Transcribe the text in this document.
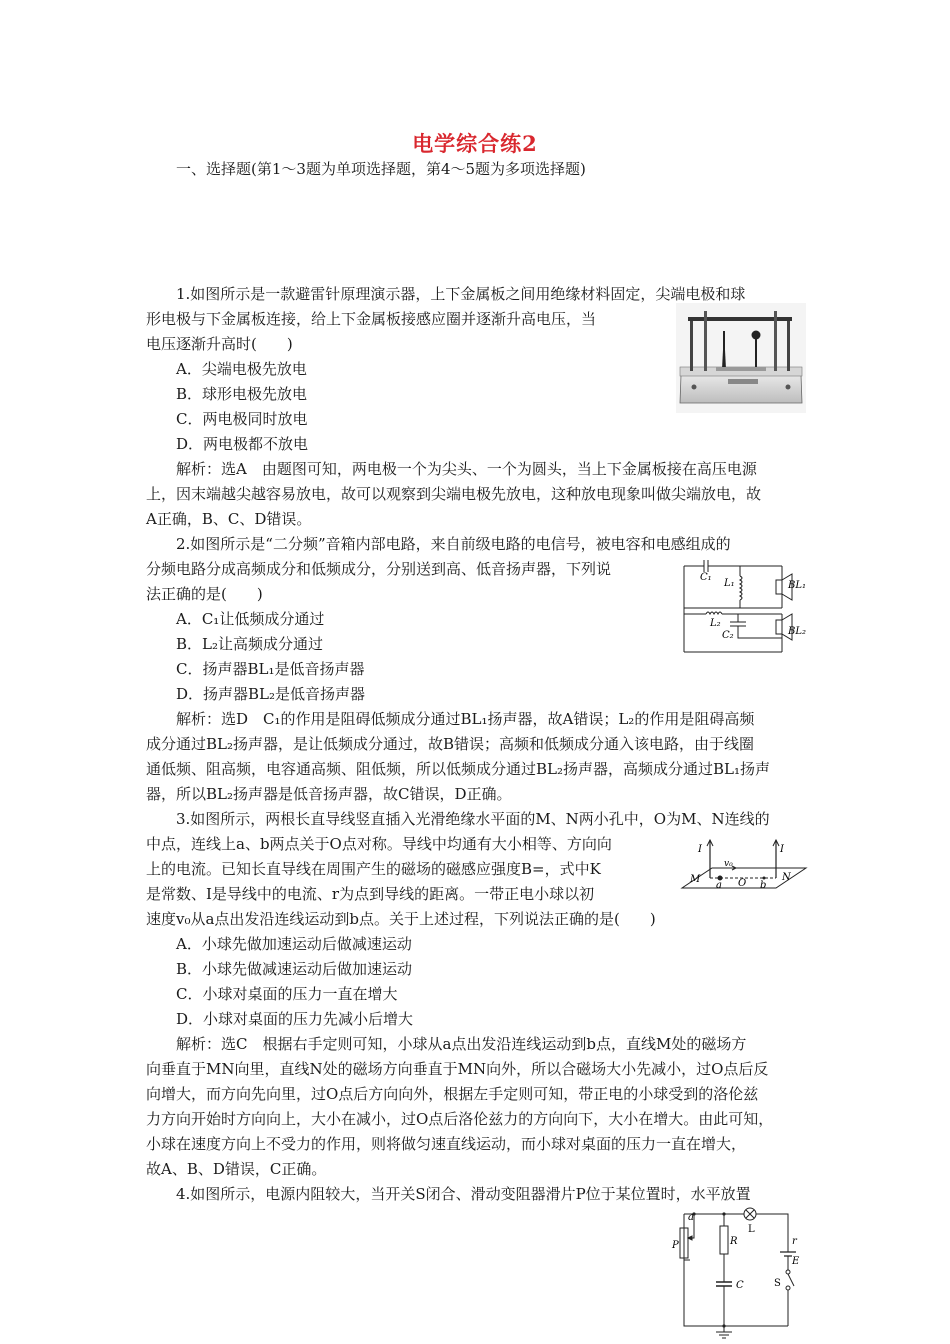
电学综合练2
一、选择题(第1～3题为单项选择题，第4～5题为多项选择题)
1.如图所示是一款避雷针原理演示器，上下金属板之间用绝缘材料固定，尖端电极和球
形电极与下金属板连接，给上下金属板接感应圈并逐渐升高电压，当
电压逐渐升高时(　　)
A．尖端电极先放电
B．球形电极先放电
C．两电极同时放电
D．两电极都不放电
解析：选A　由题图可知，两电极一个为尖头、一个为圆头，当上下金属板接在高压电源
上，因末端越尖越容易放电，故可以观察到尖端电极先放电，这种放电现象叫做尖端放电，故
A正确，B、C、D错误。
2.如图所示是“二分频”音箱内部电路，来自前级电路的电信号，被电容和电感组成的
分频电路分成高频成分和低频成分，分别送到高、低音扬声器，下列说
法正确的是(　　)
A．C₁让低频成分通过
B．L₂让高频成分通过
C．扬声器BL₁是低音扬声器
D．扬声器BL₂是低音扬声器
解析：选D　C₁的作用是阻碍低频成分通过BL₁扬声器，故A错误；L₂的作用是阻碍高频
成分通过BL₂扬声器，是让低频成分通过，故B错误；高频和低频成分通入该电路，由于线圈
通低频、阻高频，电容通高频、阻低频，所以低频成分通过BL₂扬声器，高频成分通过BL₁扬声
器，所以BL₂扬声器是低音扬声器，故C错误，D正确。
C₁
L₁	BL₁
L₂
C₂	BL₂
3.如图所示，两根长直导线竖直插入光滑绝缘水平面的M、N两小孔中，O为M、N连线的
中点，连线上a、b两点关于O点对称。导线中均通有大小相等、方向向
上的电流。已知长直导线在周围产生的磁场的磁感应强度B=，式中K
是常数、I是导线中的电流、r为点到导线的距离。一带正电小球以初
速度v₀从a点出发沿连线运动到b点。关于上述过程，下列说法正确的是(　　)
A．小球先做加速运动后做减速运动
B．小球先做减速运动后做加速运动
C．小球对桌面的压力一直在增大
D．小球对桌面的压力先减小后增大
解析：选C　根据右手定则可知，小球从a点出发沿连线运动到b点，直线M处的磁场方
向垂直于MN向里，直线N处的磁场方向垂直于MN向外，所以合磁场大小先减小，过O点后反
向增大，而方向先向里，过O点后方向向外，根据左手定则可知，带正电的小球受到的洛伦兹
力方向开始时方向向上，大小在减小，过O点后洛伦兹力的方向向下，大小在增大。由此可知，
小球在速度方向上不受力的作用，则将做匀速直线运动，而小球对桌面的压力一直在增大，
故A、B、D错误，C正确。
I	I
v₀
M
a O b
N
4.如图所示，电源内阻较大，当开关S闭合、滑动变阻器滑片P位于某位置时，水平放置
a
P	R
C
L
r
E
S
